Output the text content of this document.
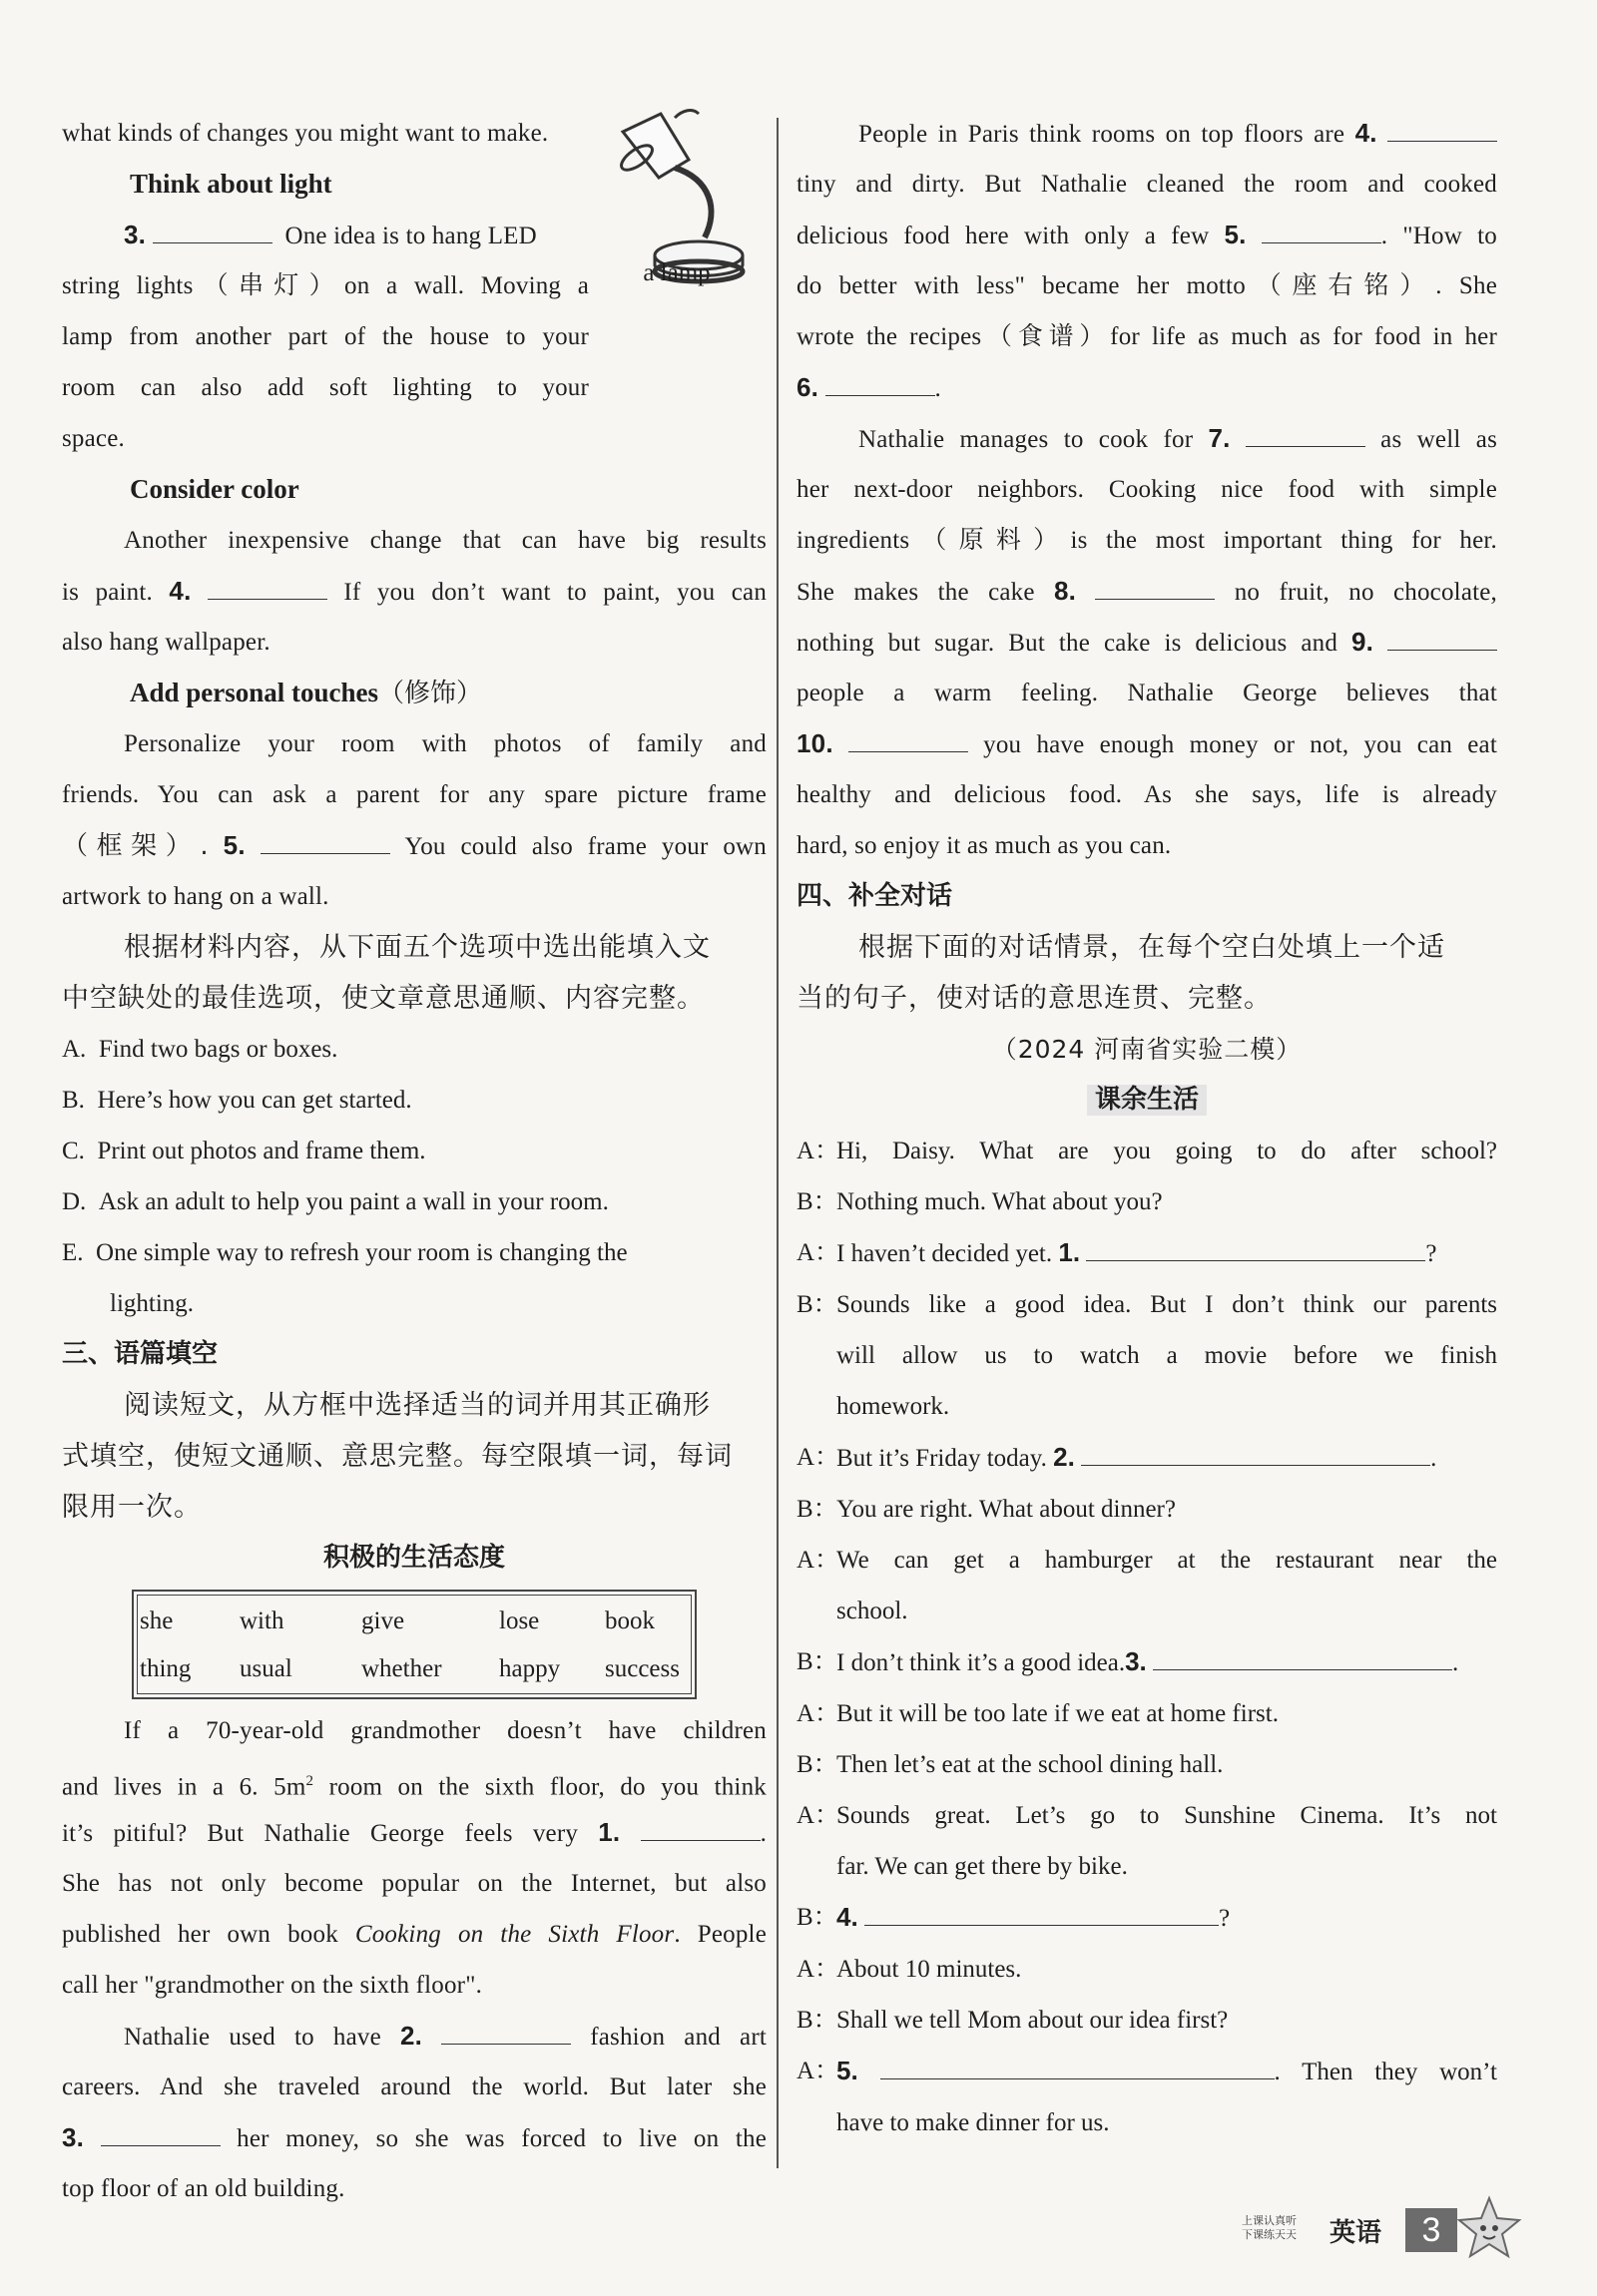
what kinds of changes you might want to make.

Think about light

3.	One idea is to hang LED

string lights（串灯）on a wall. Moving a

lamp from another part of the house to your

room can also add soft lighting to your

space.

Consider color

Another inexpensive change that can have big results

is paint. 4.	If you don’t want to paint, you can

also hang wallpaper.

Add personal touches（修饰）

Personalize your room with photos of family and

friends. You can ask a parent for any spare picture frame

（框架）. 5.	You could also frame your own

artwork to hang on a wall.

根据材料内容，从下面五个选项中选出能填入文

中空缺处的最佳选项，使文章意思通顺、内容完整。

A. Find two bags or boxes.
B. Here’s how you can get started.
C. Print out photos and frame them.
D. Ask an adult to help you paint a wall in your room.
E. One simple way to refresh your room is changing the
lighting.
三、语篇填空

阅读短文，从方框中选择适当的词并用其正确形

式填空，使短文通顺、意思完整。每空限填一词，每词

限用一次。

积极的生活态度
she	with	give	lose	book
thing	usual	whether	happy	success

If a 70-year-old grandmother doesn’t have children

and lives in a 6. $5m^2$ room on the sixth floor, do you think

it’s pitiful? But Nathalie George feels very 1.	.

She has not only become popular on the Internet, but also

published her own book Cooking on the Sixth Floor. People

call her "grandmother on the sixth floor".

Nathalie used to have 2.	fashion and art

careers. And she traveled around the world. But later she

3.	her money, so she was forced to live on the

top floor of an old building.

a lamp

People in Paris think rooms on top floors are 4.

tiny and dirty. But Nathalie cleaned the room and cooked

delicious food here with only a few 5.	. "How to

do better with less" became her motto（座右铭）. She

wrote the recipes（食谱）for life as much as for food in her

6.	.

Nathalie manages to cook for 7.	as well as

her next-door neighbors. Cooking nice food with simple

ingredients（原料）is the most important thing for her.

She makes the cake 8.	no fruit, no chocolate,

nothing but sugar. But the cake is delicious and 9.

people a warm feeling. Nathalie George believes that

10.	you have enough money or not, you can eat

healthy and delicious food. As she says, life is already

hard, so enjoy it as much as you can.

四、补全对话

根据下面的对话情景，在每个空白处填上一个适

当的句子，使对话的意思连贯、完整。

（2024 河南省实验二模）

课余生活
A：
Hi, Daisy. What are you going to do after school?
B：
Nothing much. What about you?
A：
I haven’t decided yet. 1.	?
B：
Sounds like a good idea. But I don’t think our parents
will allow us to watch a movie before we finish
homework.
A：
But it’s Friday today. 2.	.
B：
You are right. What about dinner?
A：
We can get a hamburger at the restaurant near the
school.
B：
I don’t think it’s a good idea.3.	.
A：
But it will be too late if we eat at home first.
B：
Then let’s eat at the school dining hall.
A：
Sounds great. Let’s go to Sunshine Cinema. It’s not
far. We can get there by bike.
B：
4.	?
A：
About 10 minutes.
B：
Shall we tell Mom about our idea first?
A：
5.	. Then they won’t
have to make dinner for us.
上课认真听
下课练天天 英语	3
